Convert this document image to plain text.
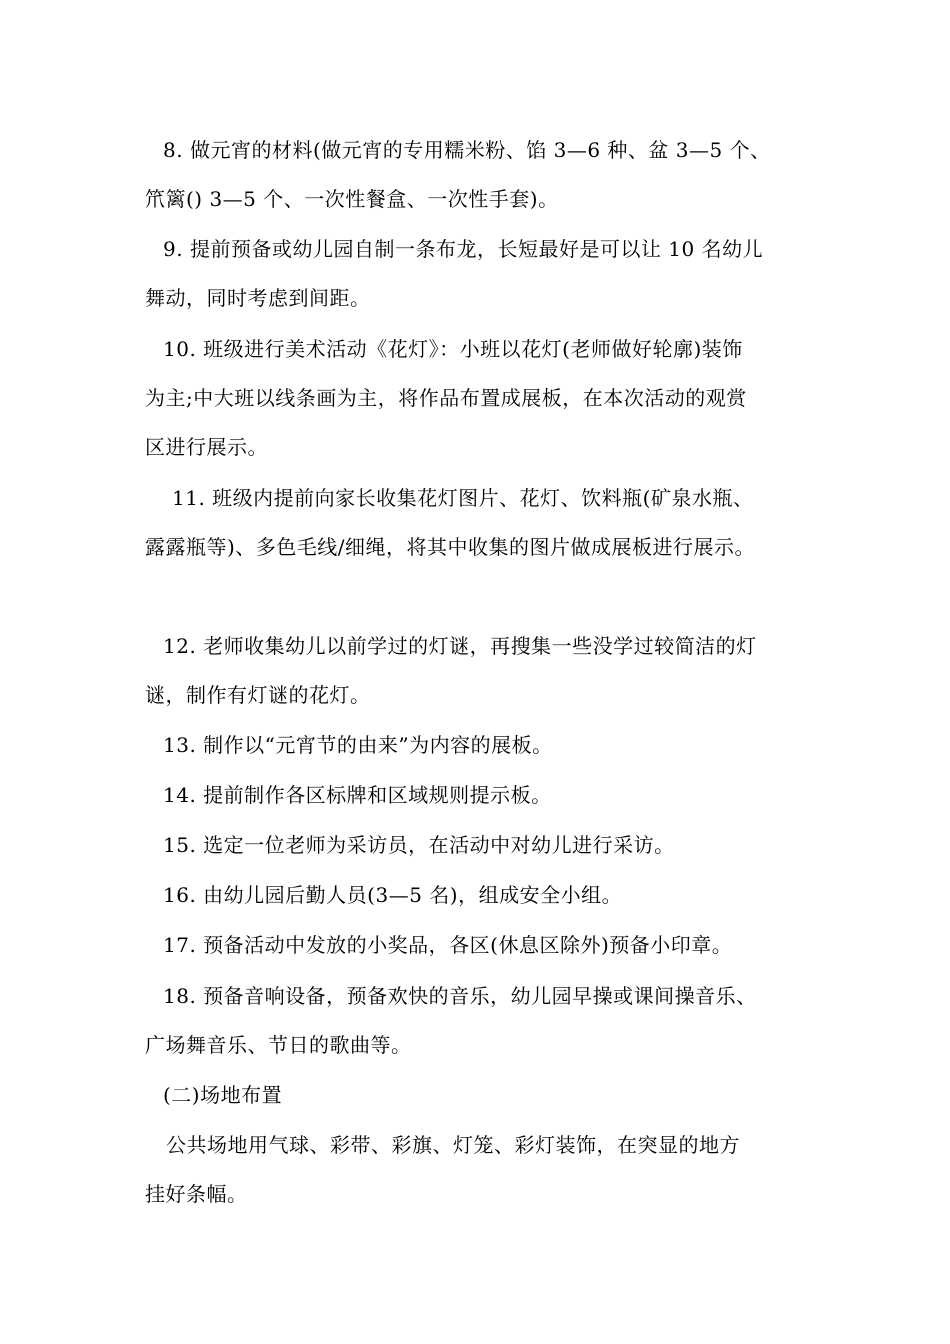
8. 做元宵的材料(做元宵的专用糯米粉、馅 3—6 种、盆 3—5 个、
笊篱() 3—5 个、一次性餐盒、一次性手套)。
9. 提前预备或幼儿园自制一条布龙，长短最好是可以让 10 名幼儿
舞动，同时考虑到间距。
10. 班级进行美术活动《花灯》：小班以花灯(老师做好轮廓)装饰
为主;中大班以线条画为主，将作品布置成展板，在本次活动的观赏
区进行展示。
11. 班级内提前向家长收集花灯图片、花灯、饮料瓶(矿泉水瓶、
露露瓶等)、多色毛线/细绳，将其中收集的图片做成展板进行展示。
12. 老师收集幼儿以前学过的灯谜，再搜集一些没学过较简洁的灯
谜，制作有灯谜的花灯。
13. 制作以“元宵节的由来”为内容的展板。
14. 提前制作各区标牌和区域规则提示板。
15. 选定一位老师为采访员，在活动中对幼儿进行采访。
16. 由幼儿园后勤人员(3—5 名)，组成安全小组。
17. 预备活动中发放的小奖品，各区(休息区除外)预备小印章。
18. 预备音响设备，预备欢快的音乐，幼儿园早操或课间操音乐、
广场舞音乐、节日的歌曲等。
(二)场地布置
公共场地用气球、彩带、彩旗、灯笼、彩灯装饰，在突显的地方
挂好条幅。
